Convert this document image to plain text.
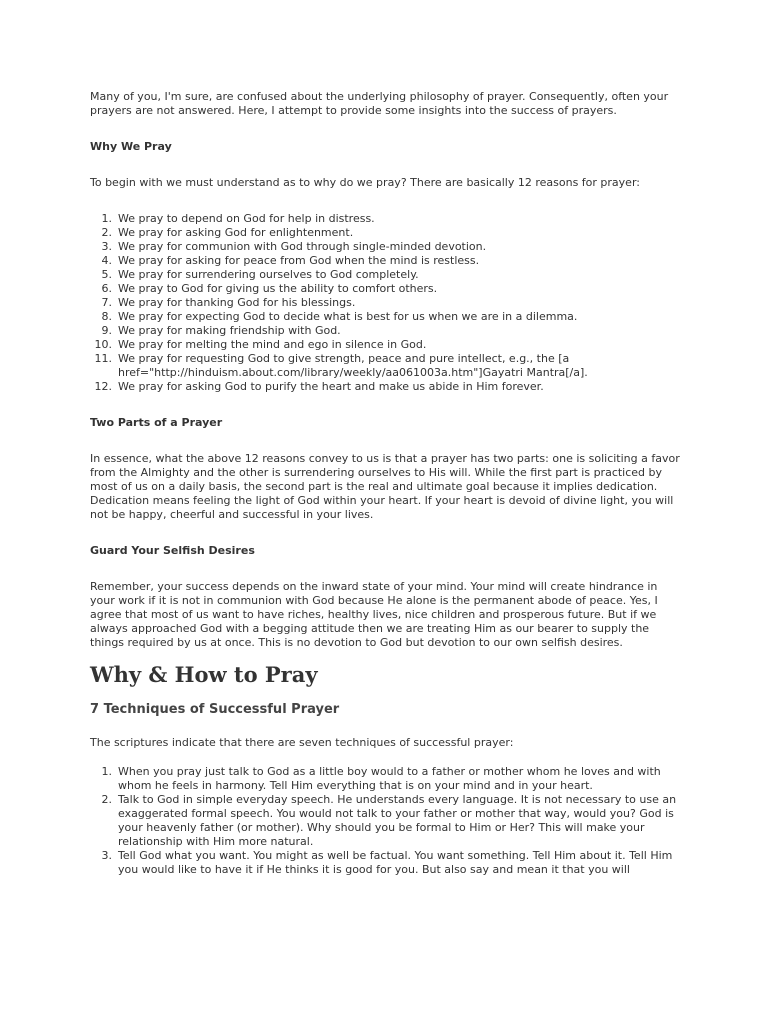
Many of you, I'm sure, are confused about the underlying philosophy of prayer. Consequently, often your prayers are not answered. Here, I attempt to provide some insights into the success of prayers.

Why We Pray

To begin with we must understand as to why do we pray? There are basically 12 reasons for prayer:

1. We pray to depend on God for help in distress.
2. We pray for asking God for enlightenment.
3. We pray for communion with God through single-minded devotion.
4. We pray for asking for peace from God when the mind is restless.
5. We pray for surrendering ourselves to God completely.
6. We pray to God for giving us the ability to comfort others.
7. We pray for thanking God for his blessings.
8. We pray for expecting God to decide what is best for us when we are in a dilemma.
9. We pray for making friendship with God.
10. We pray for melting the mind and ego in silence in God.
11. We pray for requesting God to give strength, peace and pure intellect, e.g., the [a href="http://hinduism.about.com/library/weekly/aa061003a.htm"]Gayatri Mantra[/a].
12. We pray for asking God to purify the heart and make us abide in Him forever.
Two Parts of a Prayer

In essence, what the above 12 reasons convey to us is that a prayer has two parts: one is soliciting a favor from the Almighty and the other is surrendering ourselves to His will. While the first part is practiced by most of us on a daily basis, the second part is the real and ultimate goal because it implies dedication. Dedication means feeling the light of God within your heart. If your heart is devoid of divine light, you will not be happy, cheerful and successful in your lives.

Guard Your Selfish Desires

Remember, your success depends on the inward state of your mind. Your mind will create hindrance in your work if it is not in communion with God because He alone is the permanent abode of peace. Yes, I agree that most of us want to have riches, healthy lives, nice children and prosperous future. But if we always approached God with a begging attitude then we are treating Him as our bearer to supply the things required by us at once. This is no devotion to God but devotion to our own selfish desires.

Why & How to Pray
7 Techniques of Successful Prayer

The scriptures indicate that there are seven techniques of successful prayer:

1. When you pray just talk to God as a little boy would to a father or mother whom he loves and with whom he feels in harmony. Tell Him everything that is on your mind and in your heart.
2. Talk to God in simple everyday speech. He understands every language. It is not necessary to use an exaggerated formal speech. You would not talk to your father or mother that way, would you? God is your heavenly father (or mother). Why should you be formal to Him or Her? This will make your relationship with Him more natural.
3. Tell God what you want. You might as well be factual. You want something. Tell Him about it. Tell Him you would like to have it if He thinks it is good for you. But also say and mean it that you will
